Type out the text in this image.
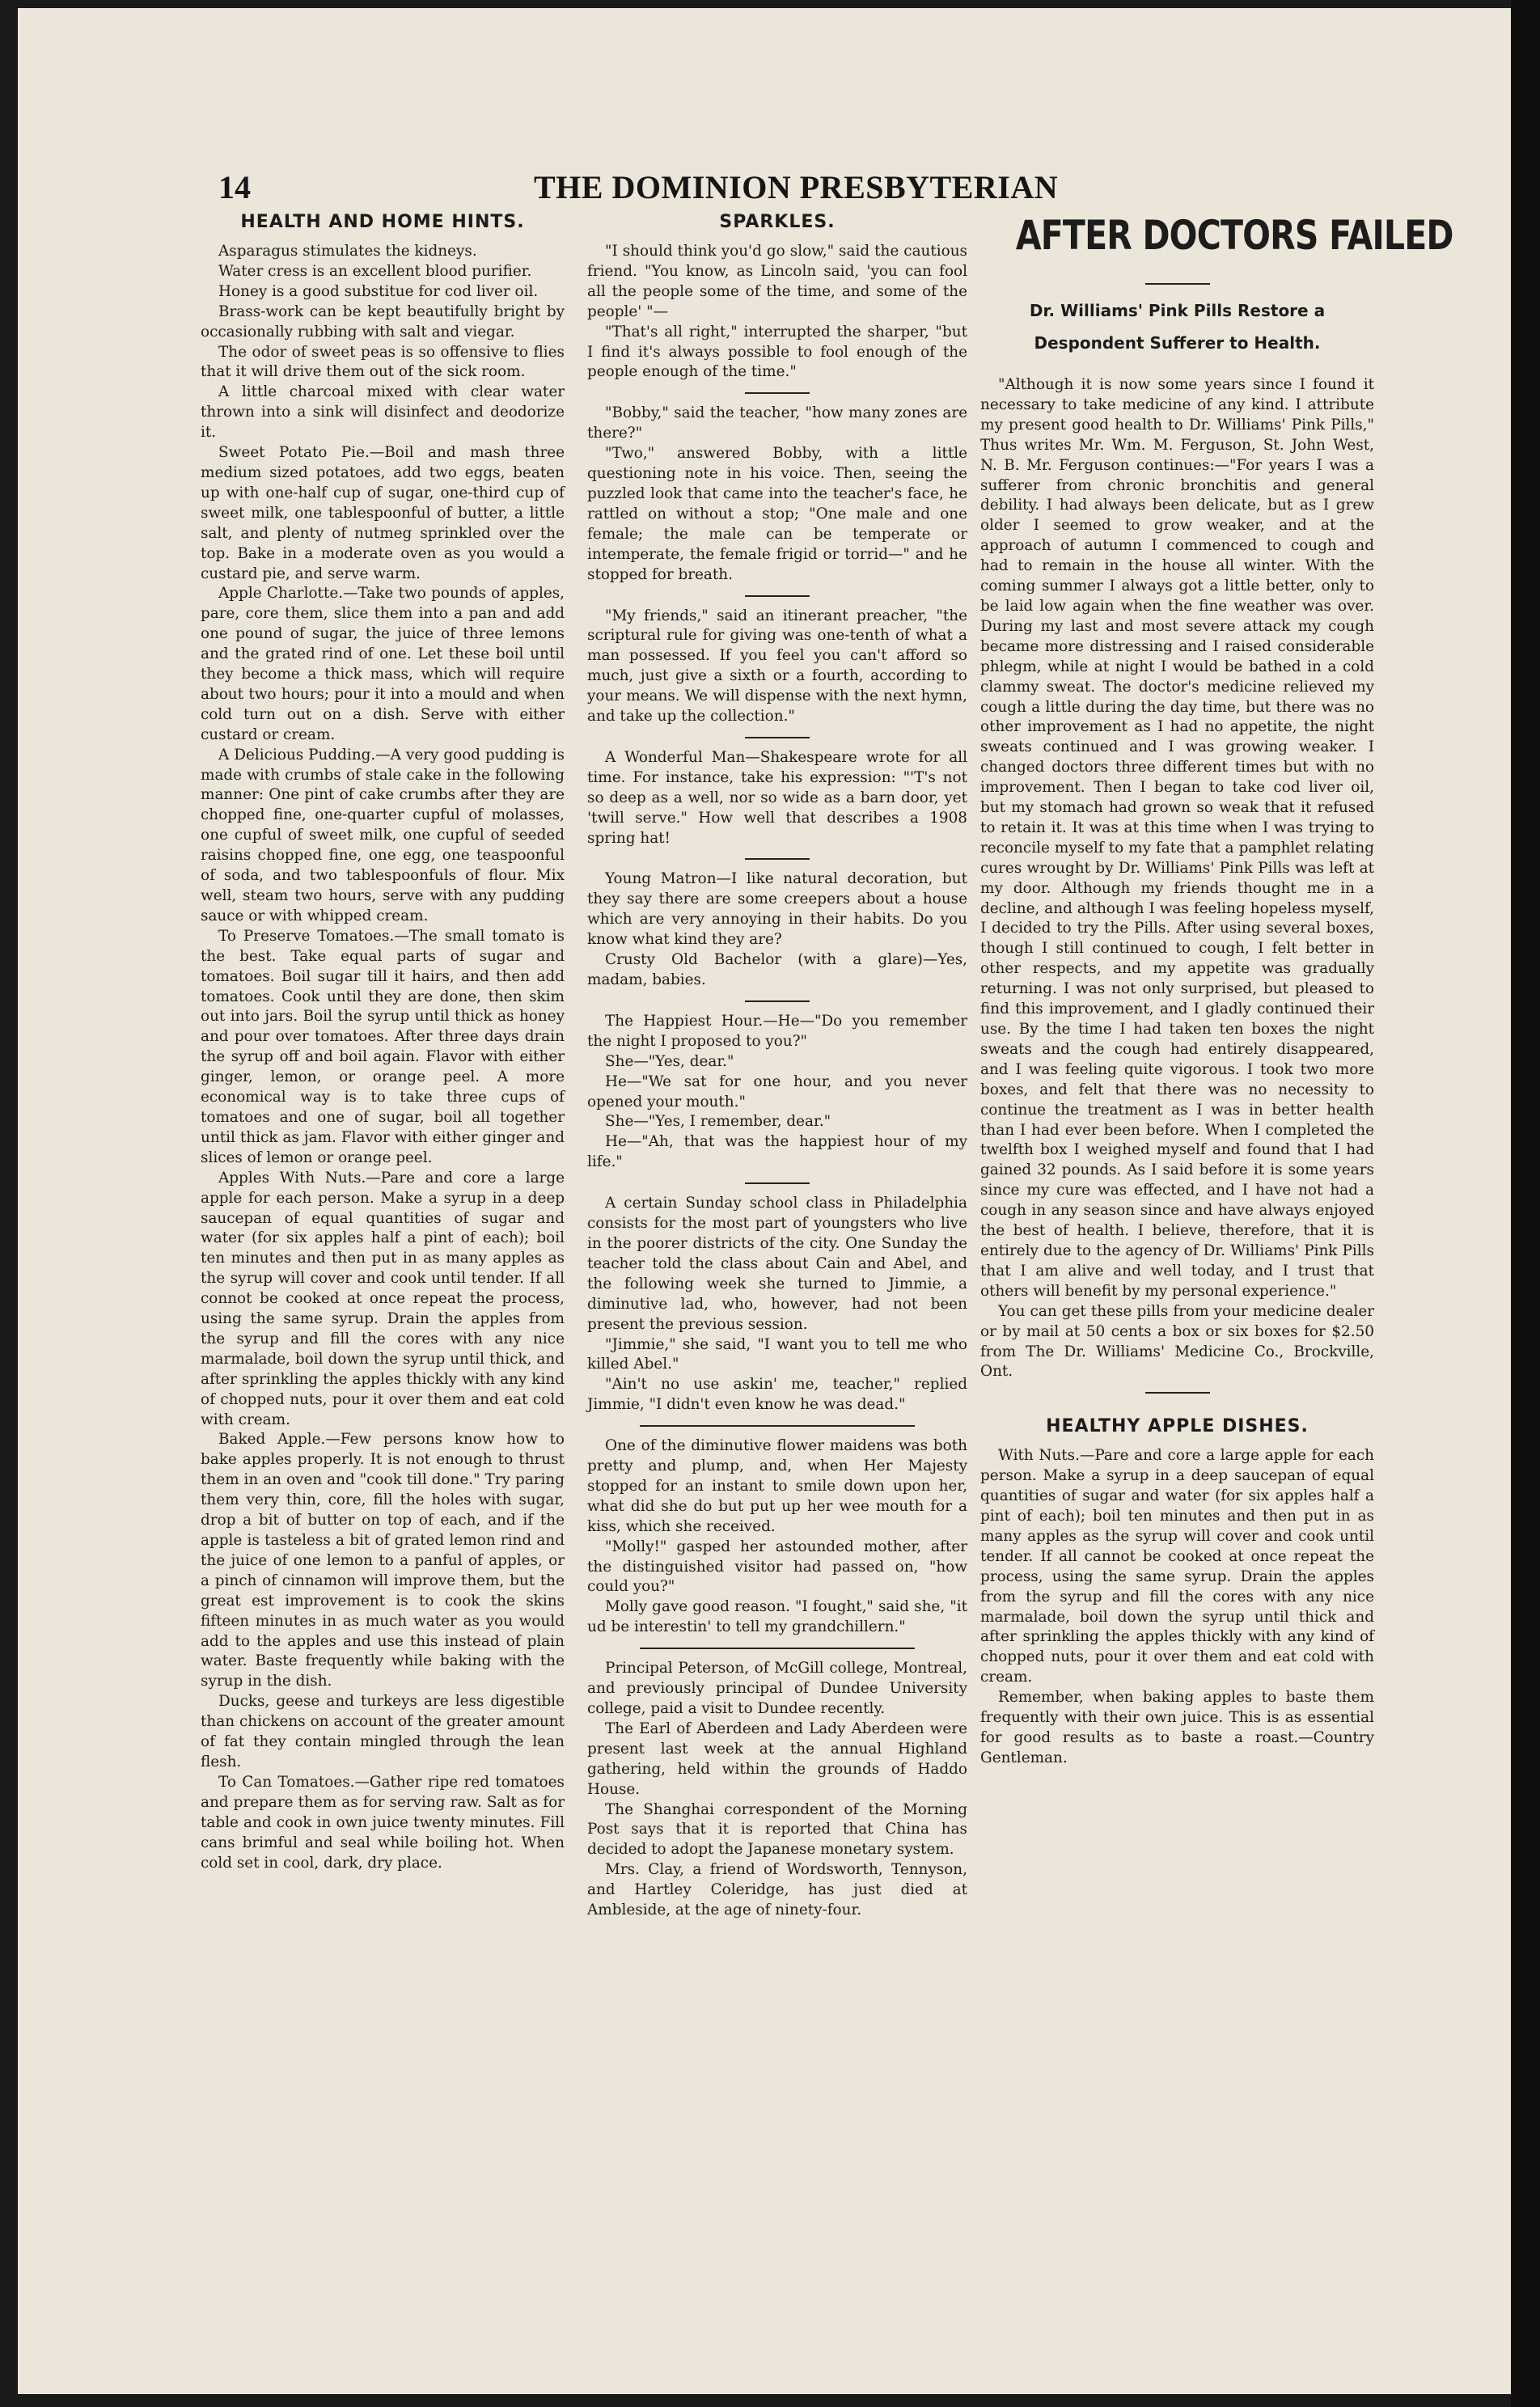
14	THE DOMINION PRESBYTERIAN
HEALTH AND HOME HINTS.

Asparagus stimulates the kidneys.

Water cress is an excellent blood purifier.

Honey is a good substitue for cod liver oil.

Brass-work can be kept beautifully bright by occasionally rubbing with salt and viegar.

The odor of sweet peas is so offensive to flies that it will drive them out of the sick room.

A little charcoal mixed with clear water thrown into a sink will disinfect and deodorize it.

Sweet Potato Pie.—Boil and mash three medium sized potatoes, add two eggs, beaten up with one-half cup of sugar, one-third cup of sweet milk, one tablespoonful of butter, a little salt, and plenty of nutmeg sprinkled over the top. Bake in a moderate oven as you would a custard pie, and serve warm.

Apple Charlotte.—Take two pounds of apples, pare, core them, slice them into a pan and add one pound of sugar, the juice of three lemons and the grated rind of one. Let these boil until they become a thick mass, which will require about two hours; pour it into a mould and when cold turn out on a dish. Serve with either custard or cream.

A Delicious Pudding.—A very good pudding is made with crumbs of stale cake in the following manner: One pint of cake crumbs after they are chopped fine, one-quarter cupful of molasses, one cupful of sweet milk, one cupful of seeded raisins chopped fine, one egg, one teaspoonful of soda, and two tablespoonfuls of flour. Mix well, steam two hours, serve with any pudding sauce or with whipped cream.

To Preserve Tomatoes.—The small tomato is the best. Take equal parts of sugar and tomatoes. Boil sugar till it hairs, and then add tomatoes. Cook until they are done, then skim out into jars. Boil the syrup until thick as honey and pour over tomatoes. After three days drain the syrup off and boil again. Flavor with either ginger, lemon, or orange peel. A more economical way is to take three cups of tomatoes and one of sugar, boil all together until thick as jam. Flavor with either ginger and slices of lemon or orange peel.

Apples With Nuts.—Pare and core a large apple for each person. Make a syrup in a deep saucepan of equal quantities of sugar and water (for six apples half a pint of each); boil ten minutes and then put in as many apples as the syrup will cover and cook until tender. If all connot be cooked at once repeat the process, using the same syrup. Drain the apples from the syrup and fill the cores with any nice marmalade, boil down the syrup until thick, and after sprinkling the apples thickly with any kind of chopped nuts, pour it over them and eat cold with cream.

Baked Apple.—Few persons know how to bake apples properly. It is not enough to thrust them in an oven and "cook till done." Try paring them very thin, core, fill the holes with sugar, drop a bit of butter on top of each, and if the apple is tasteless a bit of grated lemon rind and the juice of one lemon to a panful of apples, or a pinch of cinnamon will improve them, but the great est improvement is to cook the skins fifteen minutes in as much water as you would add to the apples and use this instead of plain water. Baste frequently while baking with the syrup in the dish.

Ducks, geese and turkeys are less digestible than chickens on account of the greater amount of fat they contain mingled through the lean flesh.

To Can Tomatoes.—Gather ripe red tomatoes and prepare them as for serving raw. Salt as for table and cook in own juice twenty minutes. Fill cans brimful and seal while boiling hot. When cold set in cool, dark, dry place.

SPARKLES.

"I should think you'd go slow," said the cautious friend. "You know, as Lincoln said, 'you can fool all the people some of the time, and some of the people' "—

"That's all right," interrupted the sharper, "but I find it's always possible to fool enough of the people enough of the time."

"Bobby," said the teacher, "how many zones are there?"

"Two," answered Bobby, with a little questioning note in his voice. Then, seeing the puzzled look that came into the teacher's face, he rattled on without a stop; "One male and one female; the male can be temperate or intemperate, the female frigid or torrid—" and he stopped for breath.

"My friends," said an itinerant preacher, "the scriptural rule for giving was one-tenth of what a man possessed. If you feel you can't afford so much, just give a sixth or a fourth, according to your means. We will dispense with the next hymn, and take up the collection."

A Wonderful Man—Shakespeare wrote for all time. For instance, take his expression: "'T's not so deep as a well, nor so wide as a barn door, yet 'twill serve." How well that describes a 1908 spring hat!

Young Matron—I like natural decoration, but they say there are some creepers about a house which are very annoying in their habits. Do you know what kind they are?

Crusty Old Bachelor (with a glare)—Yes, madam, babies.

The Happiest Hour.—He—"Do you remember the night I proposed to you?"

She—"Yes, dear."

He—"We sat for one hour, and you never opened your mouth."

She—"Yes, I remember, dear."

He—"Ah, that was the happiest hour of my life."

A certain Sunday school class in Philadelphia consists for the most part of youngsters who live in the poorer districts of the city. One Sunday the teacher told the class about Cain and Abel, and the following week she turned to Jimmie, a diminutive lad, who, however, had not been present the previous session.

"Jimmie," she said, "I want you to tell me who killed Abel."

"Ain't no use askin' me, teacher," replied Jimmie, "I didn't even know he was dead."

One of the diminutive flower maidens was both pretty and plump, and, when Her Majesty stopped for an instant to smile down upon her, what did she do but put up her wee mouth for a kiss, which she received.

"Molly!" gasped her astounded mother, after the distinguished visitor had passed on, "how could you?"

Molly gave good reason. "I fought," said she, "it ud be interestin' to tell my grandchillern."

Principal Peterson, of McGill college, Montreal, and previously principal of Dundee University college, paid a visit to Dundee recently.

The Earl of Aberdeen and Lady Aberdeen were present last week at the annual Highland gathering, held within the grounds of Haddo House.

The Shanghai correspondent of the Morning Post says that it is reported that China has decided to adopt the Japanese monetary system.

Mrs. Clay, a friend of Wordsworth, Tennyson, and Hartley Coleridge, has just died at Ambleside, at the age of ninety-four.

AFTER DOCTORS FAILED
Dr. Williams' Pink Pills Restore a Despondent Sufferer to Health.

"Although it is now some years since I found it necessary to take medicine of any kind. I attribute my present good health to Dr. Williams' Pink Pills," Thus writes Mr. Wm. M. Ferguson, St. John West, N. B. Mr. Ferguson continues:—"For years I was a sufferer from chronic bronchitis and general debility. I had always been delicate, but as I grew older I seemed to grow weaker, and at the approach of autumn I commenced to cough and had to remain in the house all winter. With the coming summer I always got a little better, only to be laid low again when the fine weather was over. During my last and most severe attack my cough became more distressing and I raised considerable phlegm, while at night I would be bathed in a cold clammy sweat. The doctor's medicine relieved my cough a little during the day time, but there was no other improvement as I had no appetite, the night sweats continued and I was growing weaker. I changed doctors three different times but with no improvement. Then I began to take cod liver oil, but my stomach had grown so weak that it refused to retain it. It was at this time when I was trying to reconcile myself to my fate that a pamphlet relating cures wrought by Dr. Williams' Pink Pills was left at my door. Although my friends thought me in a decline, and although I was feeling hopeless myself, I decided to try the Pills. After using several boxes, though I still continued to cough, I felt better in other respects, and my appetite was gradually returning. I was not only surprised, but pleased to find this improvement, and I gladly continued their use. By the time I had taken ten boxes the night sweats and the cough had entirely disappeared, and I was feeling quite vigorous. I took two more boxes, and felt that there was no necessity to continue the treatment as I was in better health than I had ever been before. When I completed the twelfth box I weighed myself and found that I had gained 32 pounds. As I said before it is some years since my cure was effected, and I have not had a cough in any season since and have always enjoyed the best of health. I believe, therefore, that it is entirely due to the agency of Dr. Williams' Pink Pills that I am alive and well today, and I trust that others will benefit by my personal experience."

You can get these pills from your medicine dealer or by mail at 50 cents a box or six boxes for $2.50 from The Dr. Williams' Medicine Co., Brockville, Ont.

HEALTHY APPLE DISHES.

With Nuts.—Pare and core a large apple for each person. Make a syrup in a deep saucepan of equal quantities of sugar and water (for six apples half a pint of each); boil ten minutes and then put in as many apples as the syrup will cover and cook until tender. If all cannot be cooked at once repeat the process, using the same syrup. Drain the apples from the syrup and fill the cores with any nice marmalade, boil down the syrup until thick and after sprinkling the apples thickly with any kind of chopped nuts, pour it over them and eat cold with cream.

Remember, when baking apples to baste them frequently with their own juice. This is as essential for good results as to baste a roast.—Country Gentleman.
